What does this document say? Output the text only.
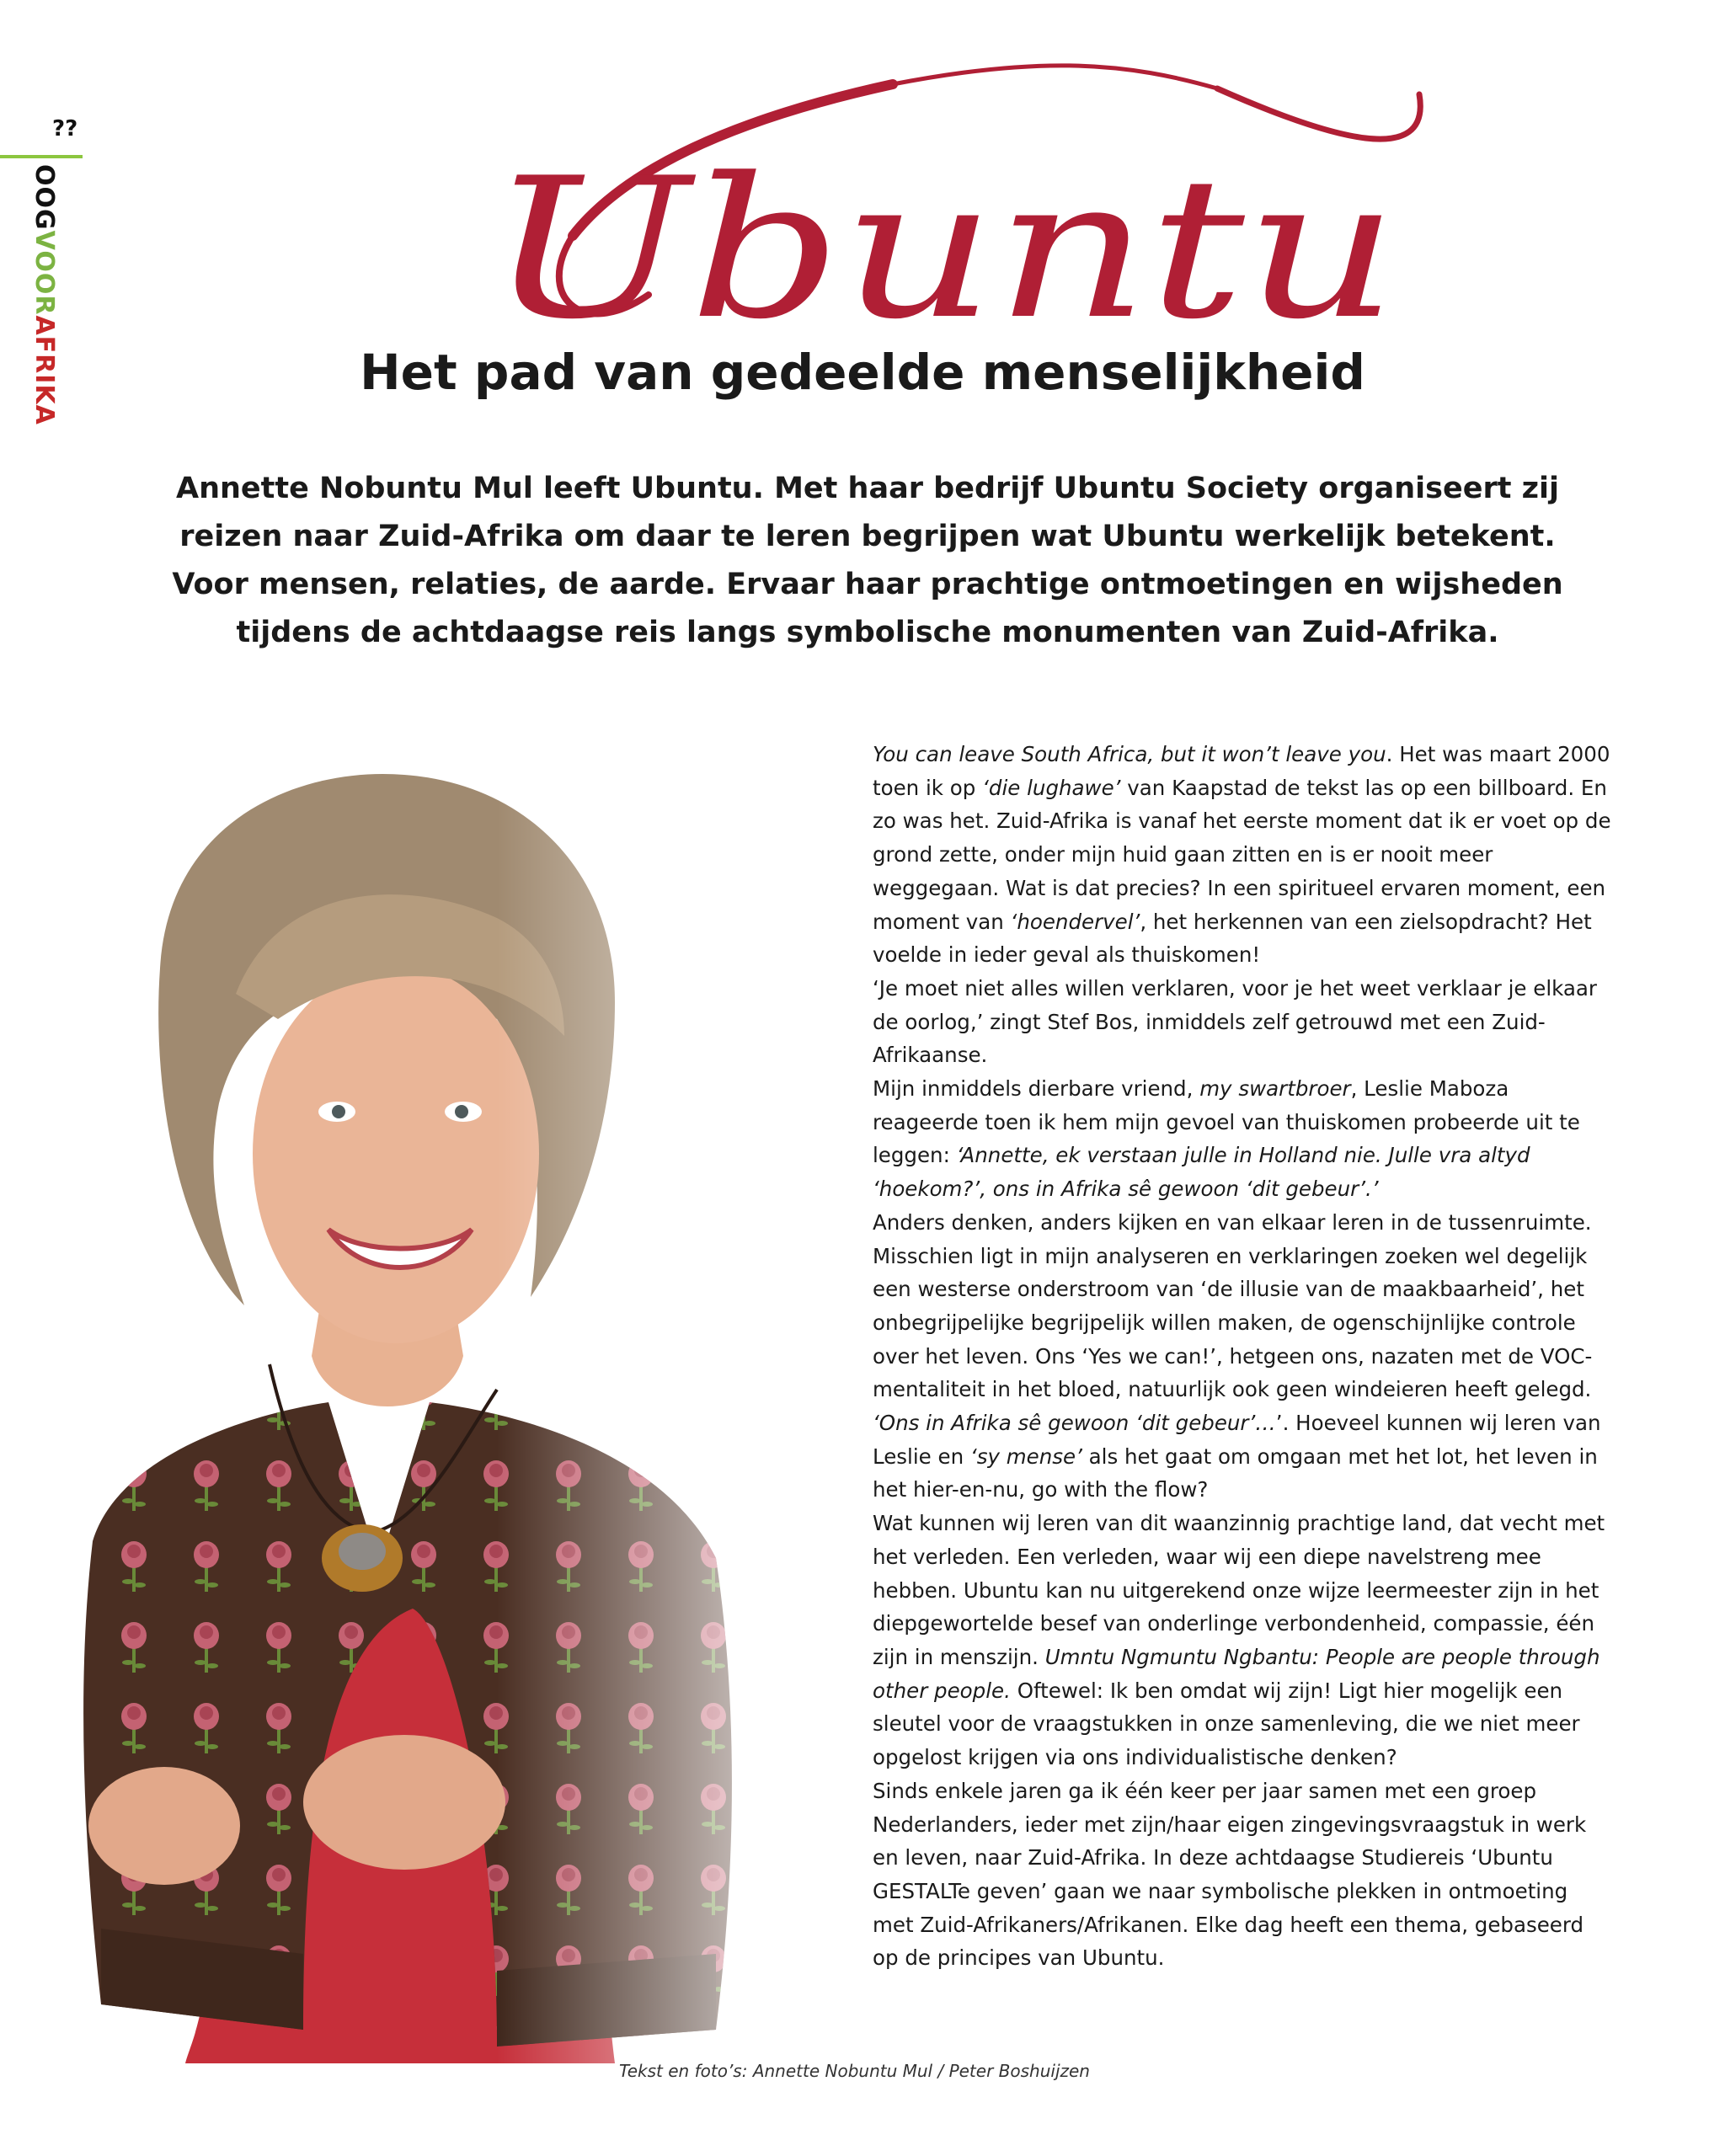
??
OOGVOORAFRIKA
Ubuntu
Het pad van gedeelde menselijkheid
Annette Nobuntu Mul leeft Ubuntu. Met haar bedrijf Ubuntu Society organiseert zij reizen naar Zuid-Afrika om daar te leren begrijpen wat Ubuntu werkelijk betekent. Voor mensen, relaties, de aarde. Ervaar haar prachtige ontmoetingen en wijsheden tijdens de achtdaagse reis langs symbolische monumenten van Zuid-Afrika.

You can leave South Africa, but it won’t leave you. Het was maart 2000 toen ik op ‘die lughawe’ van Kaapstad de tekst las op een billboard. En zo was het. Zuid-Afrika is vanaf het eerste moment dat ik er voet op de grond zette, onder mijn huid gaan zitten en is er nooit meer weggegaan. Wat is dat precies? In een spiritueel ervaren moment, een moment van ‘hoendervel’, het herkennen van een zielsopdracht? Het voelde in ieder geval als thuiskomen!

‘Je moet niet alles willen verklaren, voor je het weet verklaar je elkaar de oorlog,’ zingt Stef Bos, inmiddels zelf getrouwd met een Zuid-Afrikaanse.

Mijn inmiddels dierbare vriend, my swartbroer, Leslie Maboza reageerde toen ik hem mijn gevoel van thuiskomen probeerde uit te leggen: ‘Annette, ek verstaan julle in Holland nie. Julle vra altyd ‘hoekom?’, ons in Afrika sê gewoon ‘dit gebeur’.’

Anders denken, anders kijken en van elkaar leren in de tussenruimte. Misschien ligt in mijn analyseren en verklaringen zoeken wel degelijk een westerse onderstroom van ‘de illusie van de maakbaarheid’, het onbegrijpelijke begrijpelijk willen maken, de ogenschijnlijke controle over het leven. Ons ‘Yes we can!’, hetgeen ons, nazaten met de VOC-mentaliteit in het bloed, natuurlijk ook geen windeieren heeft gelegd. ‘Ons in Afrika sê gewoon ‘dit gebeur’…’. Hoeveel kunnen wij leren van Leslie en ‘sy mense’ als het gaat om omgaan met het lot, het leven in het hier-en-nu, go with the flow?

Wat kunnen wij leren van dit waanzinnig prachtige land, dat vecht met het verleden. Een verleden, waar wij een diepe navelstreng mee hebben. Ubuntu kan nu uitgerekend onze wijze leermeester zijn in het diepgewortelde besef van onderlinge verbondenheid, compassie, één zijn in menszijn. Umntu Ngmuntu Ngbantu: People are people through other people. Oftewel: Ik ben omdat wij zijn! Ligt hier mogelijk een sleutel voor de vraagstukken in onze samenleving, die we niet meer opgelost krijgen via ons individualistische denken?

Sinds enkele jaren ga ik één keer per jaar samen met een groep Nederlanders, ieder met zijn/haar eigen zingevingsvraagstuk in werk en leven, naar Zuid-Afrika. In deze achtdaagse Studiereis ‘Ubuntu GESTALTe geven’ gaan we naar symbolische plekken in ontmoeting met Zuid-Afrikaners/Afrikanen. Elke dag heeft een thema, gebaseerd op de principes van Ubuntu.

Tekst en foto’s: Annette Nobuntu Mul / Peter Boshuijzen
